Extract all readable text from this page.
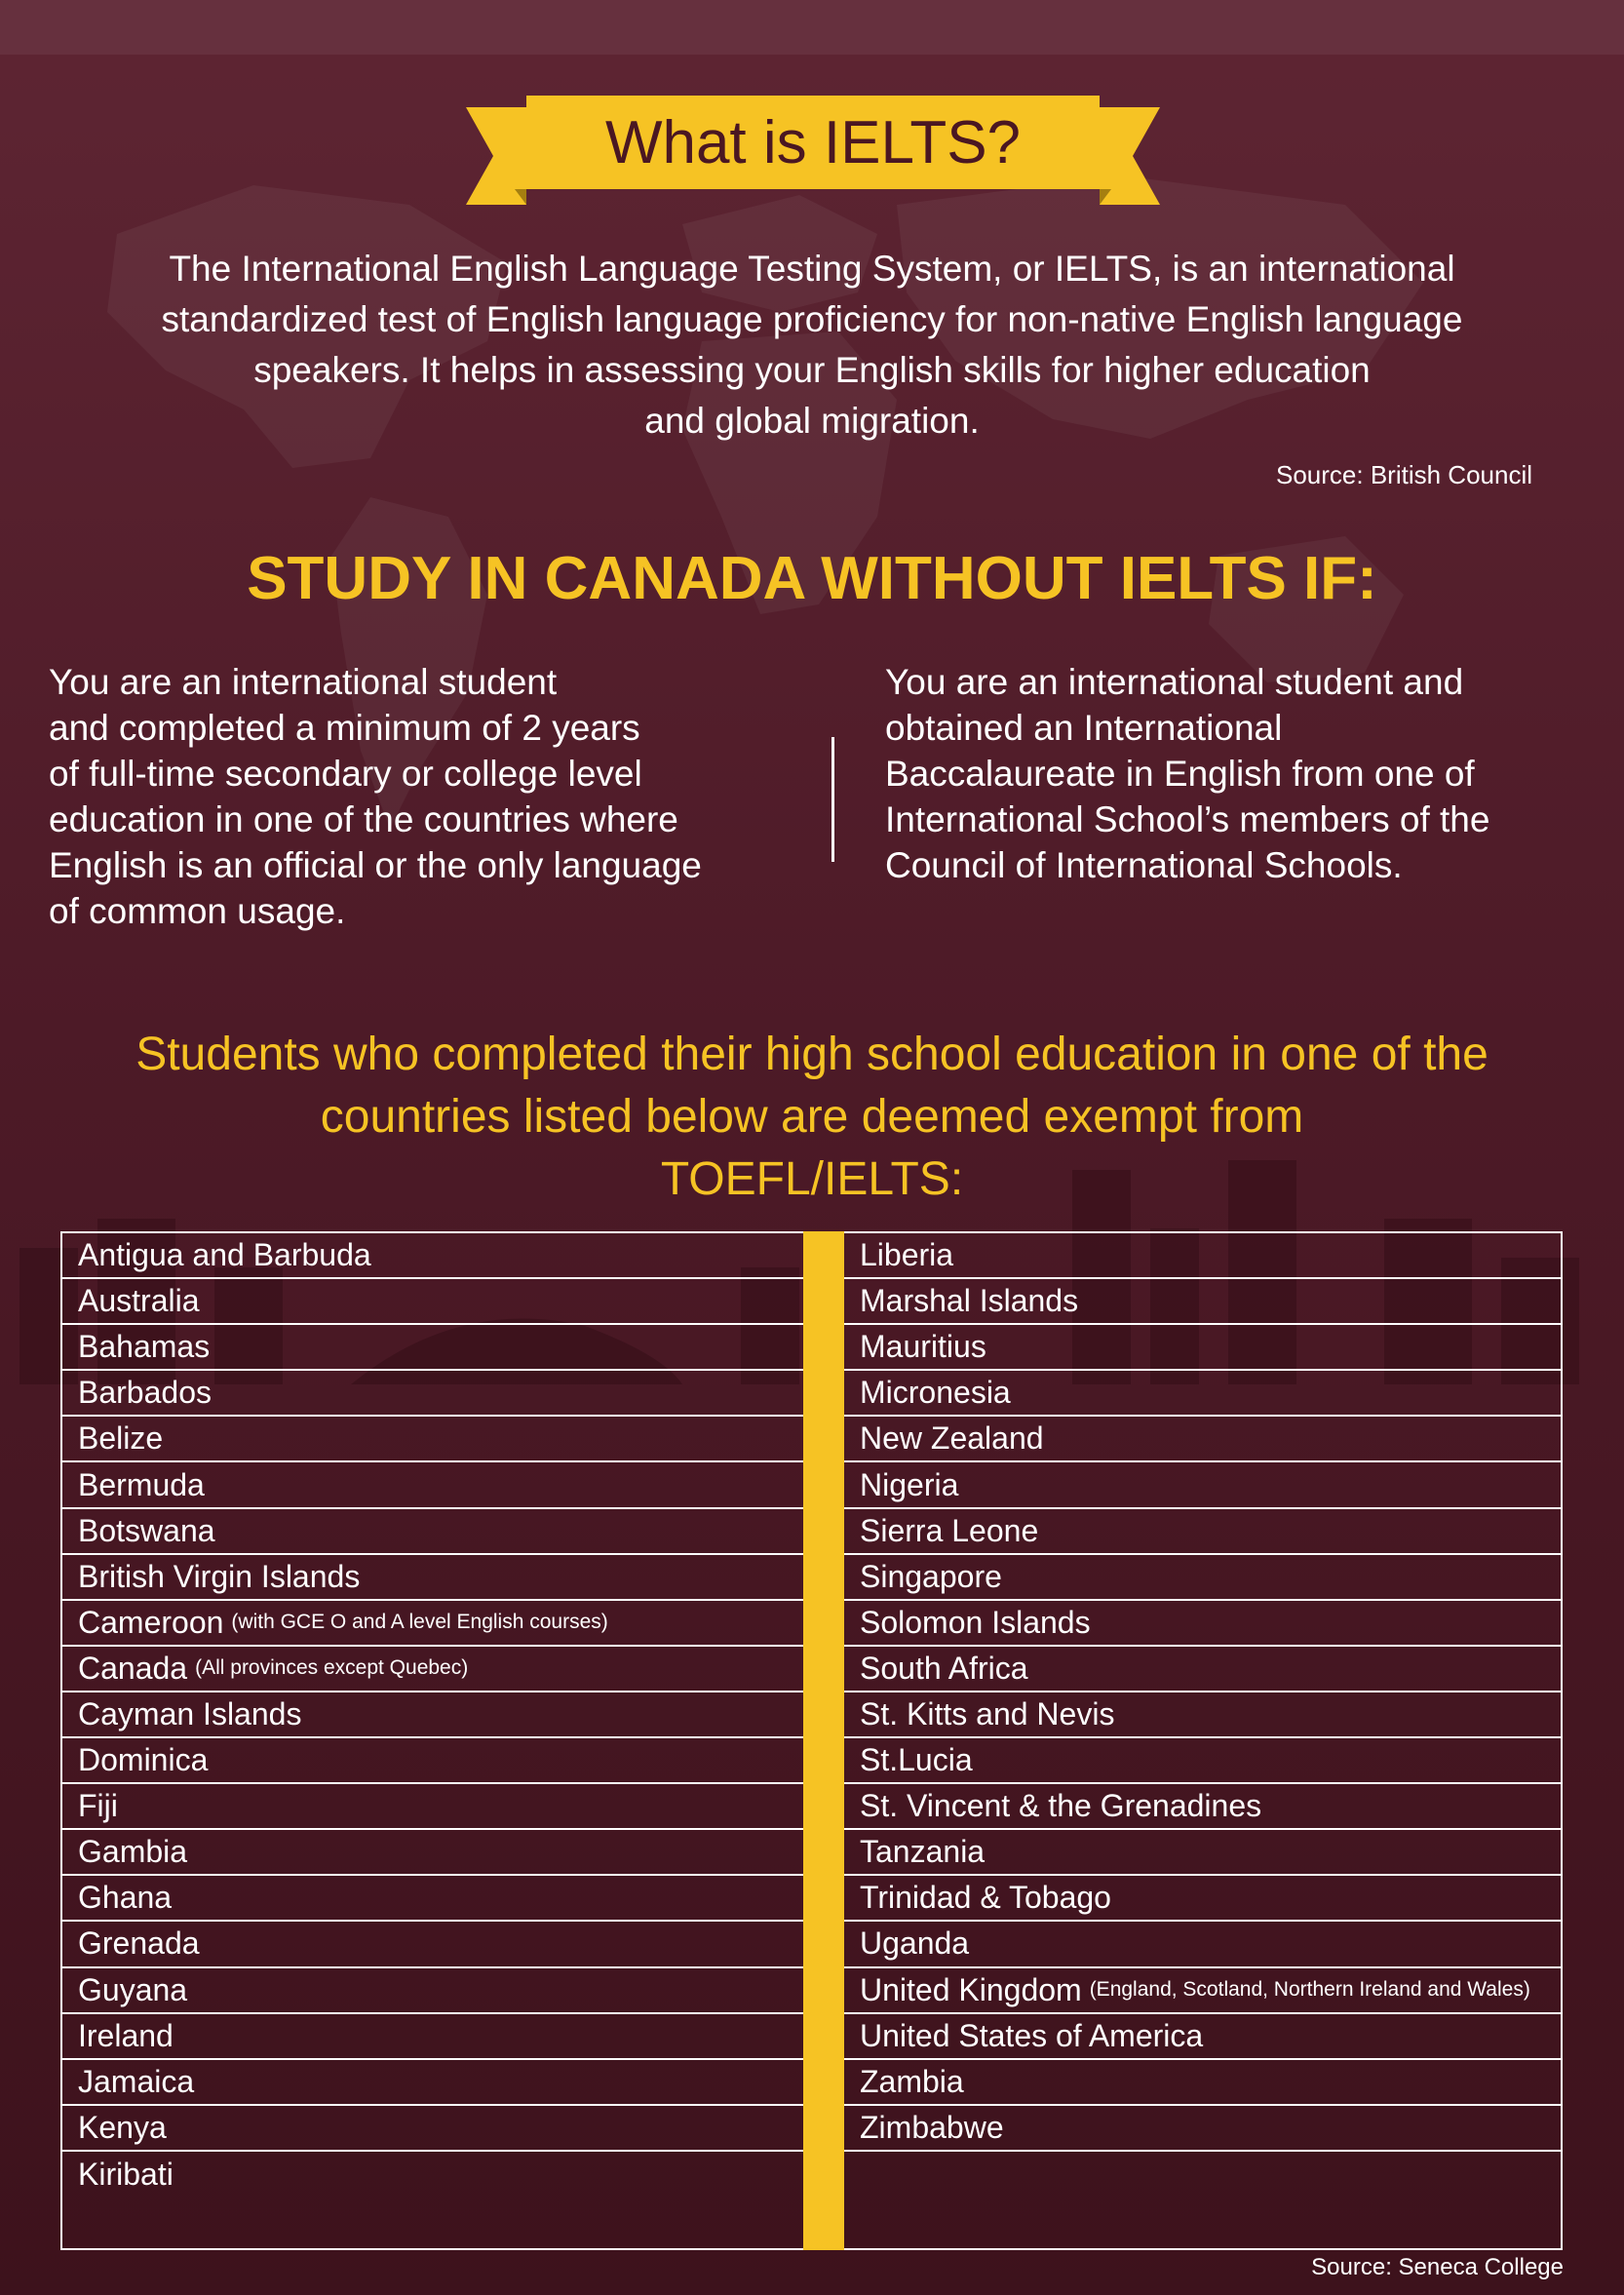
What is IELTS?
The International English Language Testing System, or IELTS, is an international
standardized test of English language proficiency for non-native English language
speakers. It helps in assessing your English skills for higher education
and global migration.
Source: British Council
STUDY IN CANADA WITHOUT IELTS IF:
You are an international student
and completed a minimum of 2 years
of full-time secondary or college level
education in one of the countries where
English is an official or the only language
of common usage.
You are an international student and
obtained an International
Baccalaureate in English from one of
International School’s members of the
Council of International Schools.
Students who completed their high school education in one of the
countries listed below are deemed exempt from
TOEFL/IELTS:
Antigua and Barbuda
Australia
Bahamas
Barbados
Belize
Bermuda
Botswana
British Virgin Islands
Cameroon (with GCE O and A level English courses)
Canada (All provinces except Quebec)
Cayman Islands
Dominica
Fiji
Gambia
Ghana
Grenada
Guyana
Ireland
Jamaica
Kenya
Kiribati
Liberia
Marshal Islands
Mauritius
Micronesia
New Zealand
Nigeria
Sierra Leone
Singapore
Solomon Islands
South Africa
St. Kitts and Nevis
St.Lucia
St. Vincent & the Grenadines
Tanzania
Trinidad & Tobago
Uganda
United Kingdom (England, Scotland, Northern Ireland and Wales)
United States of America
Zambia
Zimbabwe
Source: Seneca College
